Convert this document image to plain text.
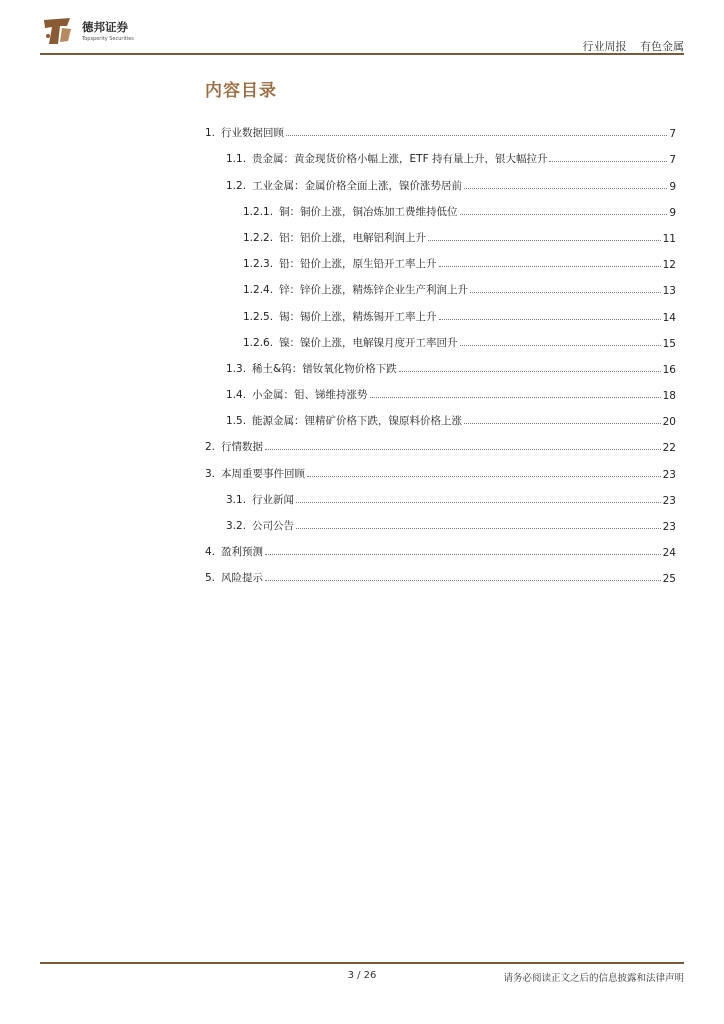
德邦证券
Topsperity Securities
行业周报 有色金属
内容目录
1. 行业数据回顾	7
1.1. 贵金属：黄金现货价格小幅上涨，ETF 持有量上升，银大幅拉升	7
1.2. 工业金属：金属价格全面上涨，镍价涨势居前	9
1.2.1. 铜：铜价上涨，铜冶炼加工费维持低位	9
1.2.2. 铝：铝价上涨，电解铝利润上升	11
1.2.3. 铅：铅价上涨，原生铅开工率上升	12
1.2.4. 锌：锌价上涨，精炼锌企业生产利润上升	13
1.2.5. 锡：锡价上涨，精炼锡开工率上升	14
1.2.6. 镍：镍价上涨，电解镍月度开工率回升	15
1.3. 稀土&钨：镨钕氧化物价格下跌	16
1.4. 小金属：钼、锑维持涨势	18
1.5. 能源金属：锂精矿价格下跌，镍原料价格上涨	20
2. 行情数据	22
3. 本周重要事件回顾	23
3.1. 行业新闻	23
3.2. 公司公告	23
4. 盈利预测	24
5. 风险提示	25
3 / 26	请务必阅读正文之后的信息披露和法律声明
